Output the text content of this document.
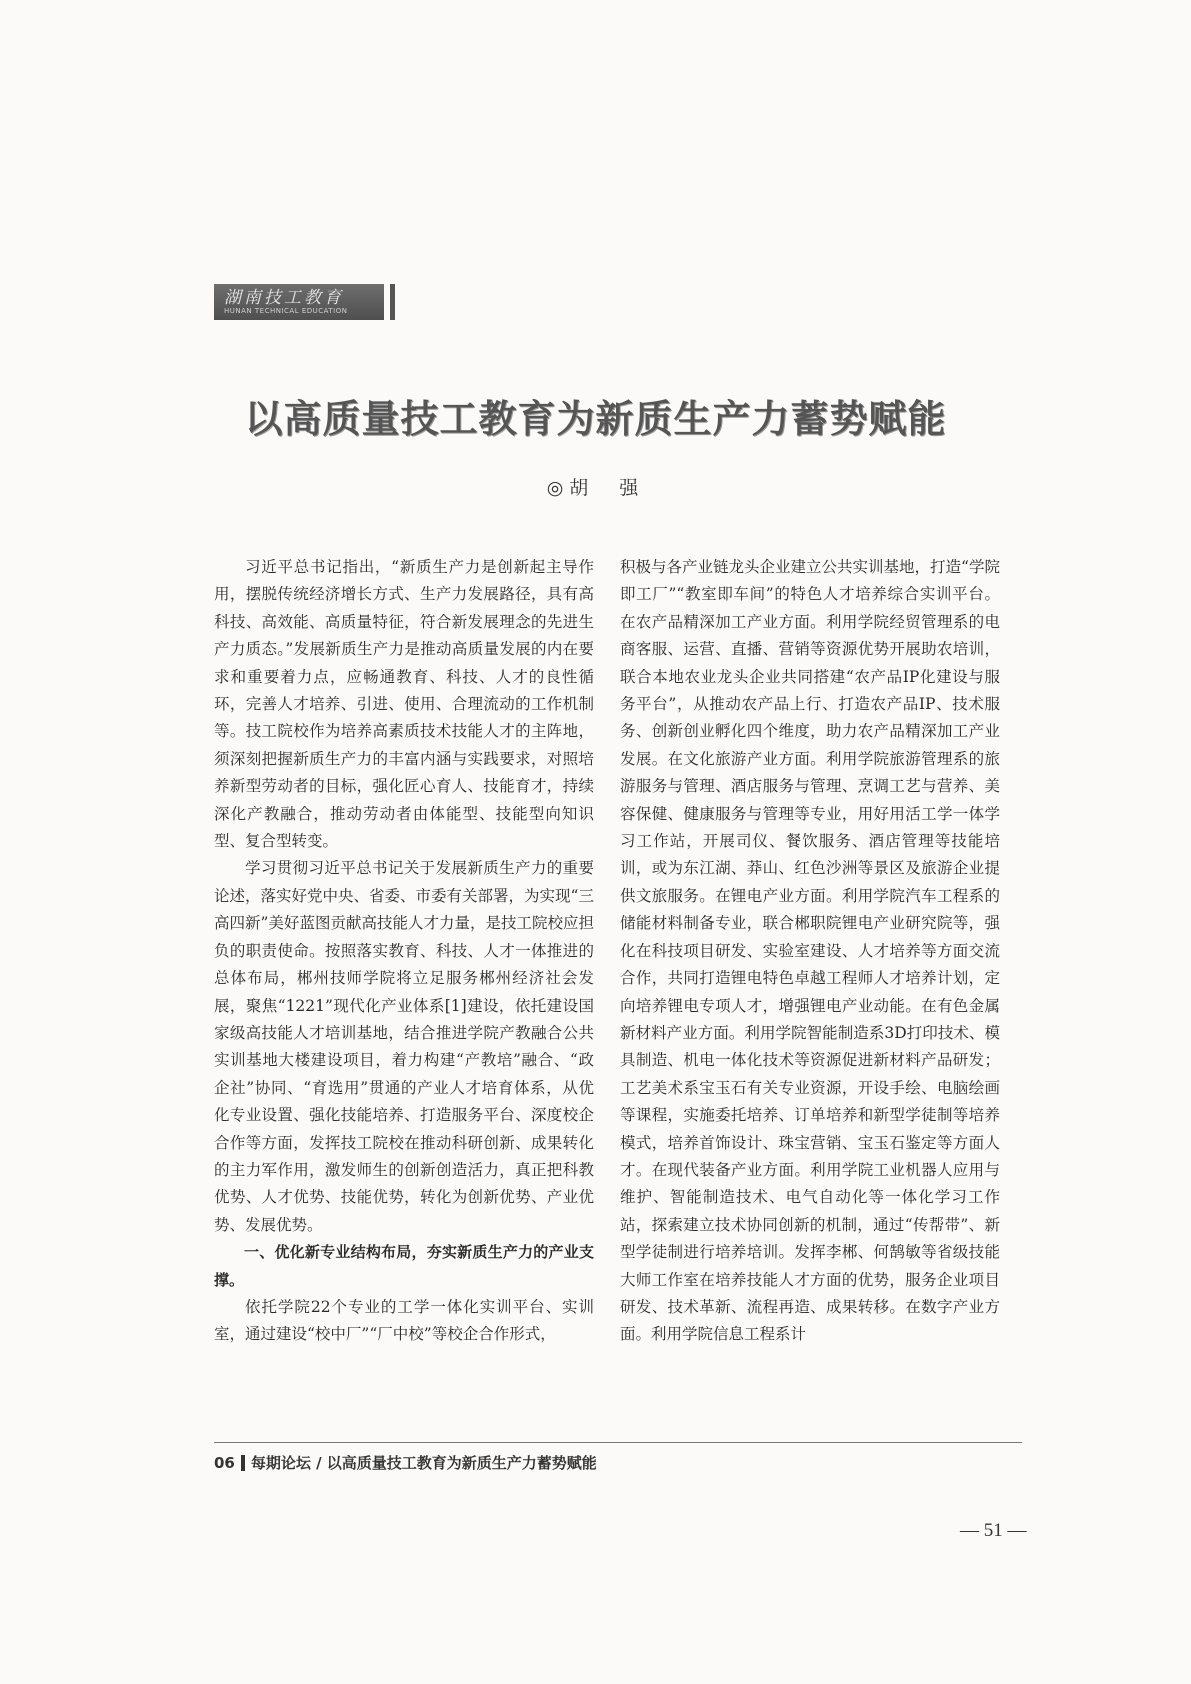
湖南技工教育
HUNAN TECHNICAL EDUCATION
以高质量技工教育为新质生产力蓄势赋能
◎胡　强

习近平总书记指出，“新质生产力是创新起主导作用，摆脱传统经济增长方式、生产力发展路径，具有高科技、高效能、高质量特征，符合新发展理念的先进生产力质态。”发展新质生产力是推动高质量发展的内在要求和重要着力点，应畅通教育、科技、人才的良性循环，完善人才培养、引进、使用、合理流动的工作机制等。技工院校作为培养高素质技术技能人才的主阵地，须深刻把握新质生产力的丰富内涵与实践要求，对照培养新型劳动者的目标，强化匠心育人、技能育才，持续深化产教融合，推动劳动者由体能型、技能型向知识型、复合型转变。

学习贯彻习近平总书记关于发展新质生产力的重要论述，落实好党中央、省委、市委有关部署，为实现“三高四新”美好蓝图贡献高技能人才力量，是技工院校应担负的职责使命。按照落实教育、科技、人才一体推进的总体布局，郴州技师学院将立足服务郴州经济社会发展，聚焦“1221”现代化产业体系[1]建设，依托建设国家级高技能人才培训基地，结合推进学院产教融合公共实训基地大楼建设项目，着力构建“产教培”融合、“政企社”协同、“育选用”贯通的产业人才培育体系，从优化专业设置、强化技能培养、打造服务平台、深度校企合作等方面，发挥技工院校在推动科研创新、成果转化的主力军作用，激发师生的创新创造活力，真正把科教优势、人才优势、技能优势，转化为创新优势、产业优势、发展优势。

一、优化新专业结构布局，夯实新质生产力的产业支撑。

依托学院22个专业的工学一体化实训平台、实训室，通过建设“校中厂”“厂中校”等校企合作形式，

积极与各产业链龙头企业建立公共实训基地，打造“学院即工厂”“教室即车间”的特色人才培养综合实训平台。在农产品精深加工产业方面。利用学院经贸管理系的电商客服、运营、直播、营销等资源优势开展助农培训，联合本地农业龙头企业共同搭建“农产品IP化建设与服务平台”，从推动农产品上行、打造农产品IP、技术服务、创新创业孵化四个维度，助力农产品精深加工产业发展。在文化旅游产业方面。利用学院旅游管理系的旅游服务与管理、酒店服务与管理、烹调工艺与营养、美容保健、健康服务与管理等专业，用好用活工学一体学习工作站，开展司仪、餐饮服务、酒店管理等技能培训，或为东江湖、莽山、红色沙洲等景区及旅游企业提供文旅服务。在锂电产业方面。利用学院汽车工程系的储能材料制备专业，联合郴职院锂电产业研究院等，强化在科技项目研发、实验室建设、人才培养等方面交流合作，共同打造锂电特色卓越工程师人才培养计划，定向培养锂电专项人才，增强锂电产业动能。在有色金属新材料产业方面。利用学院智能制造系3D打印技术、模具制造、机电一体化技术等资源促进新材料产品研发；工艺美术系宝玉石有关专业资源，开设手绘、电脑绘画等课程，实施委托培养、订单培养和新型学徒制等培养模式，培养首饰设计、珠宝营销、宝玉石鉴定等方面人才。在现代装备产业方面。利用学院工业机器人应用与维护、智能制造技术、电气自动化等一体化学习工作站，探索建立技术协同创新的机制，通过“传帮带”、新型学徒制进行培养培训。发挥李郴、何鹄敏等省级技能大师工作室在培养技能人才方面的优势，服务企业项目研发、技术革新、流程再造、成果转移。在数字产业方面。利用学院信息工程系计

06 每期论坛 / 以高质量技工教育为新质生产力蓄势赋能
— 51 —
